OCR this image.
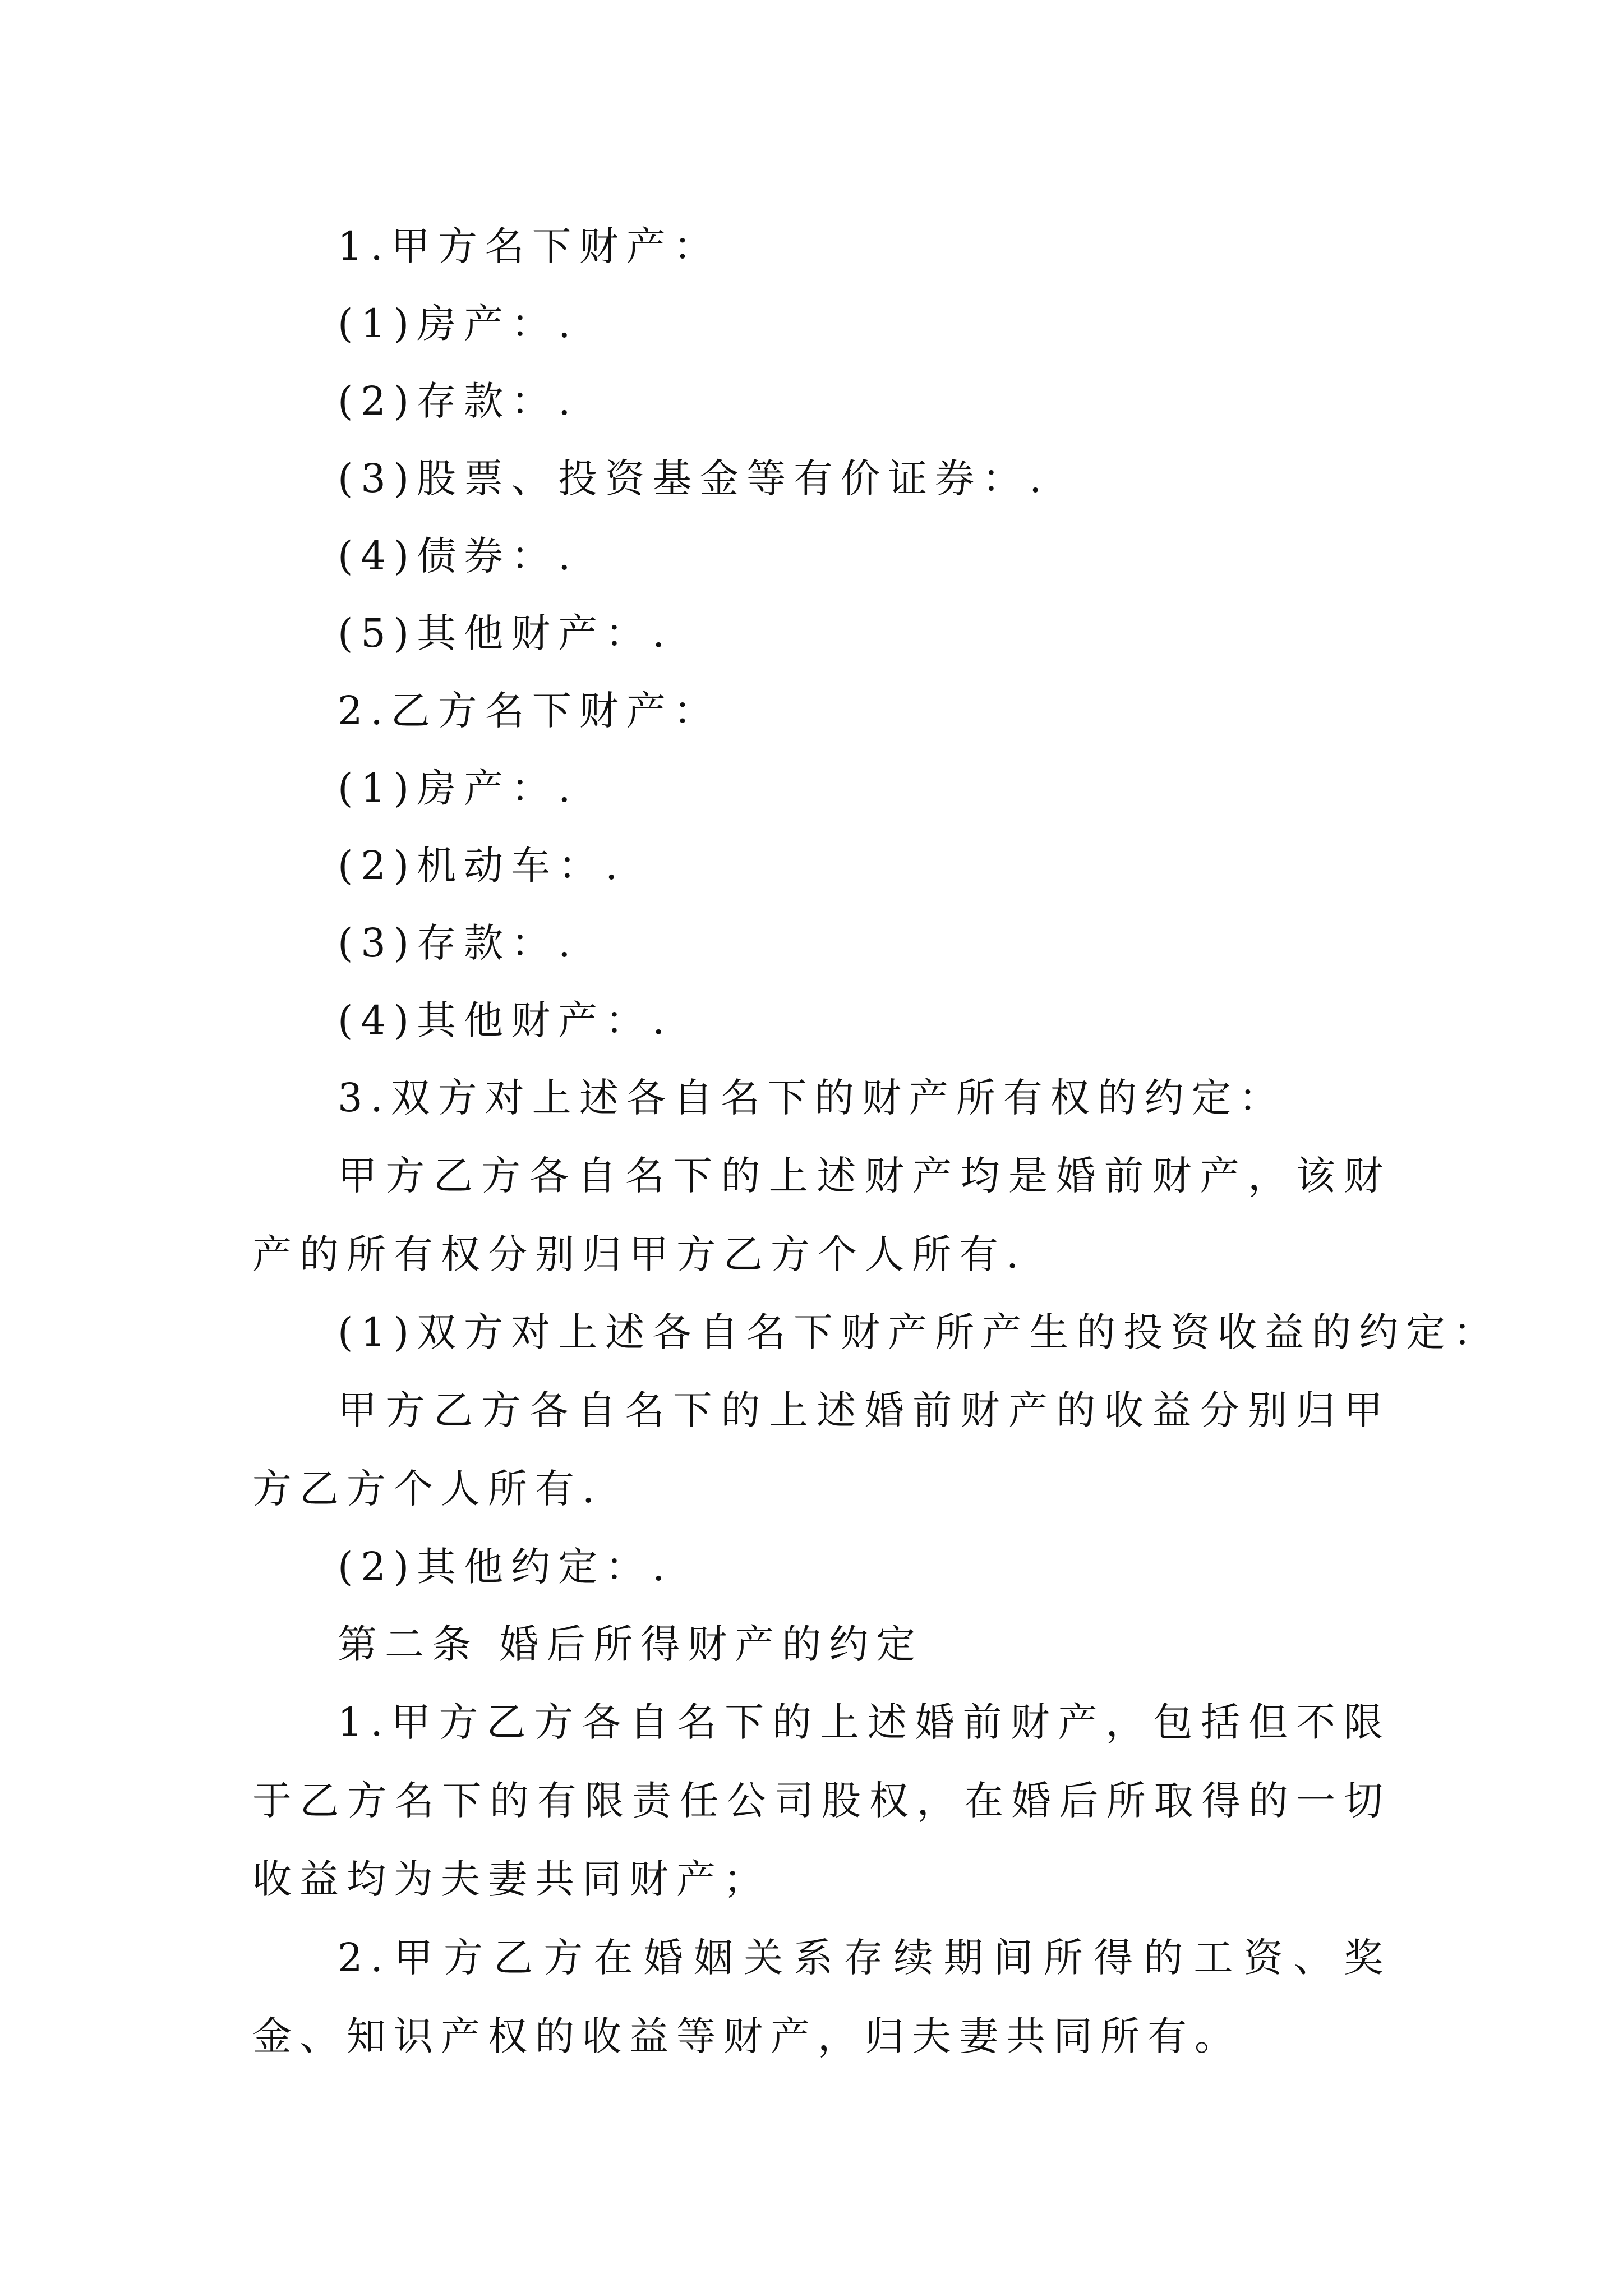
1.甲方名下财产：
(1)房产：.
(2)存款：.
(3)股票、投资基金等有价证券：.
(4)债券：.
(5)其他财产：.
2.乙方名下财产：
(1)房产：.
(2)机动车：.
(3)存款：.
(4)其他财产：.
3.双方对上述各自名下的财产所有权的约定：

甲方乙方各自名下的上述财产均是婚前财产，该财产的所有权分别归甲方乙方个人所有.

(1)双方对上述各自名下财产所产生的投资收益的约定：

甲方乙方各自名下的上述婚前财产的收益分别归甲方乙方个人所有.

(2)其他约定：.
第二条 婚后所得财产的约定

1.甲方乙方各自名下的上述婚前财产，包括但不限于乙方名下的有限责任公司股权，在婚后所取得的一切收益均为夫妻共同财产；

2.甲方乙方在婚姻关系存续期间所得的工资、奖金、知识产权的收益等财产，归夫妻共同所有。
